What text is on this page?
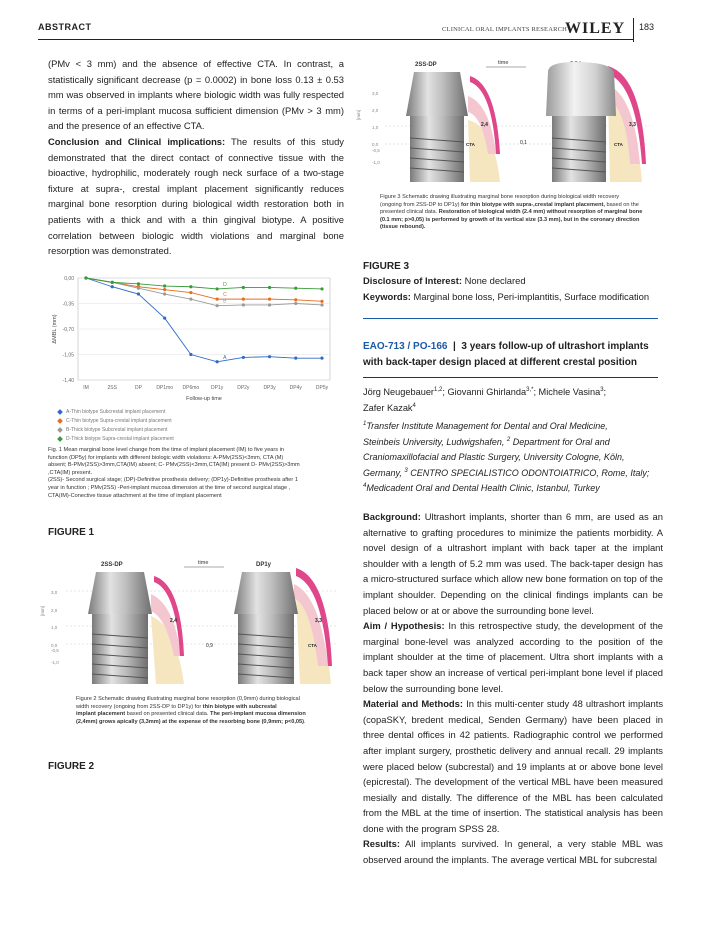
ABSTRACT	CLINICAL ORAL IMPLANTS RESEARCH
WILEY 183

(PMv < 3 mm) and the absence of effective CTA. In contrast, a statistically significant decrease (p = 0.0002) in bone loss 0.13 ± 0.53 mm was observed in implants where biologic width was fully respected in terms of a peri-implant mucosa sufficient dimension (PMv > 3 mm) and the presence of an effective CTA.

Conclusion and Clinical implications: The results of this study demonstrated that the direct contact of connective tissue with the bioactive, hydrophilic, moderately rough neck surface of a two-stage fixture at supra-, crestal implant placement significantly reduces marginal bone resorption during biological width restoration both in patients with a thick and with a thin gingival biotype. A positive correlation between biologic width violations and marginal bone resorption was demonstrated.

0,00
-0,35
-0,70
-1,05
-1,40
ΔMBL (mm)
IM	2SS	DP	DP1mo DP6mo DP1y	DP2y	DP3y	DP4y	DP5y
Follow-up time
A
C
B
D
A-Thin biotype Subcrestal implant placement
C-Thin biotype Supra-crestal implant placement
B-Thick biotype Subcrestal implant placement
D-Thick biotype Supra-crestal implant placement
Fig. 1 Mean marginal bone level change from the time of implant placement (IM) to five years in
function (DP5y) for implants with different biologic width violations: A-PMv(2SS)<3mm, CTA (M)
absent; B-PMv(2SS)>3mm,CTA(IM) absent; C- PMv(2SS)<3mm,CTA(IM) present D- PMv(2SS)>3mm
,CTA(IM) present.
(2SS)- Second surgical stage; (DP)-Definitive prosthesis delivery; (DP1y)-Definitive prosthesis after 1
year in function ; PMv(2SS) -Peri-implant mucosa dimension at the time of second surgical stage ,
CTA(IM)-Conective tissue attachment at the time of implant placement
FIGURE 1
2SS-DP	time	DP1y
[mm]
3,0
2,0
1,0
0,0
-0,5
-1,0
2,4
0,9
3,3
CTA
Figure 2 Schematic drawing illustrating marginal bone resorption (0,9mm) during biological
width recovery (ongoing from 2SS-DP to DP1y) for thin biotype with subcrestal
implant placement based on presented clinical data. The peri-implant mucosa dimension
(2,4mm) grows apically (3,3mm) at the expense of the resorbing bone (0,9mm; p<0,05).
FIGURE 2
2SS-DP	time
[mm]
3,0
2,0
1,0
0,0
-0,5
-1,0
2,4
CTA	0,1
3,3
CTA
Figure 3 Schematic drawing illustrating marginal bone resorption during biological width recovery
(ongoing from 2SS-DP to DP1y) for thin biotype with supra-,crestal implant placement, based on the
presented clinical data. Restoration of biological width (2.4 mm) without resorption of marginal bone
(0.1 mm; p>0,05) is performed by growth of its vertical size (3.3 mm), but in the coronary direction
(tissue rebound).
FIGURE 3

Disclosure of Interest: None declared

Keywords: Marginal bone loss, Peri-implantitis, Surface modification

EAO-713 / PO-166  |  3 years follow-up of ultrashort implants
with back-taper design placed at different crestal position
Jörg Neugebauer$^{1,2}$; Giovanni Ghirlanda$^{3,*}$; Michele Vasina$^3$;
Zafer Kazak$^4$
$^1$Transfer Institute Management for Dental and Oral Medicine,
Steinbeis University, Ludwigshafen, $^2$ Department for Oral and
Craniomaxillofacial and Plastic Surgery, University Cologne, Köln,
Germany, $^3$ CENTRO SPECIALISTICO ODONTOIATRICO, Rome, Italy;
$^4$Medicadent Oral and Dental Health Clinic, Istanbul, Turkey

Background: Ultrashort implants, shorter than 6 mm, are used as an alternative to grafting procedures to minimize the patients morbidity. A novel design of a ultrashort implant with back taper at the implant shoulder with a length of 5.2 mm was used. The back-taper design has a micro-structured surface which allow new bone formation on top of the implant shoulder. Depending on the clinical findings implants can be placed below or at or above the surrounding bone level.

Aim / Hypothesis: In this retrospective study, the development of the marginal bone-level was analyzed according to the position of the implant shoulder at the time of placement. Ultra short implants with a back taper show an increase of vertical peri-implant bone level if placed below the surrounding bone level.

Material and Methods: In this multi-center study 48 ultrashort implants (copaSKY, bredent medical, Senden Germany) have been placed in three dental offices in 42 patients. Radiographic control we performed after implant surgery, prosthetic delivery and annual recall. 29 implants were placed below (subcrestal) and 19 implants at or above bone level (epicrestal). The development of the vertical MBL have been measured mesially and distally. The difference of the MBL has been calculated from the MBL at the time of insertion. The statistical analysis has been done with the program SPSS 28.

Results: All implants survived. In general, a very stable MBL was observed around the implants. The average vertical MBL for subcrestal
